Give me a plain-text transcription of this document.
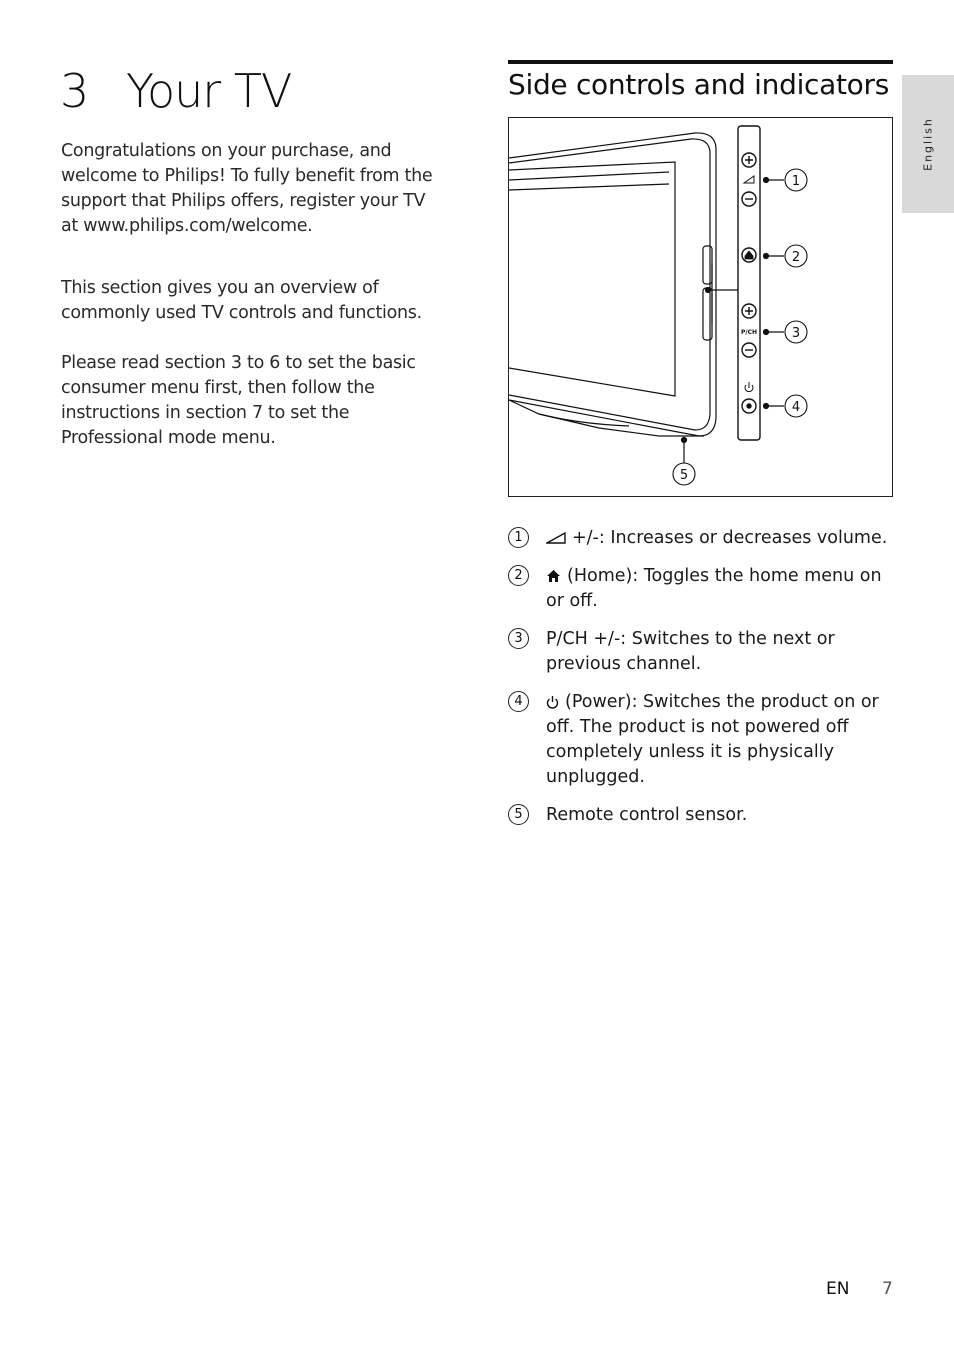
3 Your TV

Congratulations on your purchase, and welcome to Philips! To fully benefit from the support that Philips offers, register your TV at www.philips.com/welcome.

This section gives you an overview of commonly used TV controls and functions.

Please read section 3 to 6 to set the basic consumer menu first, then follow the instructions in section 7 to set the Professional mode menu.

Side controls and indicators
English
P/CH
1
2
3
4
5
1	+/-: Increases or decreases volume.
2	(Home): Toggles the home menu on or off.
3	P/CH +/-: Switches to the next or previous channel.
4	(Power): Switches the product on or off. The product is not powered off completely unless it is physically unplugged.
5	Remote control sensor.
EN 7
